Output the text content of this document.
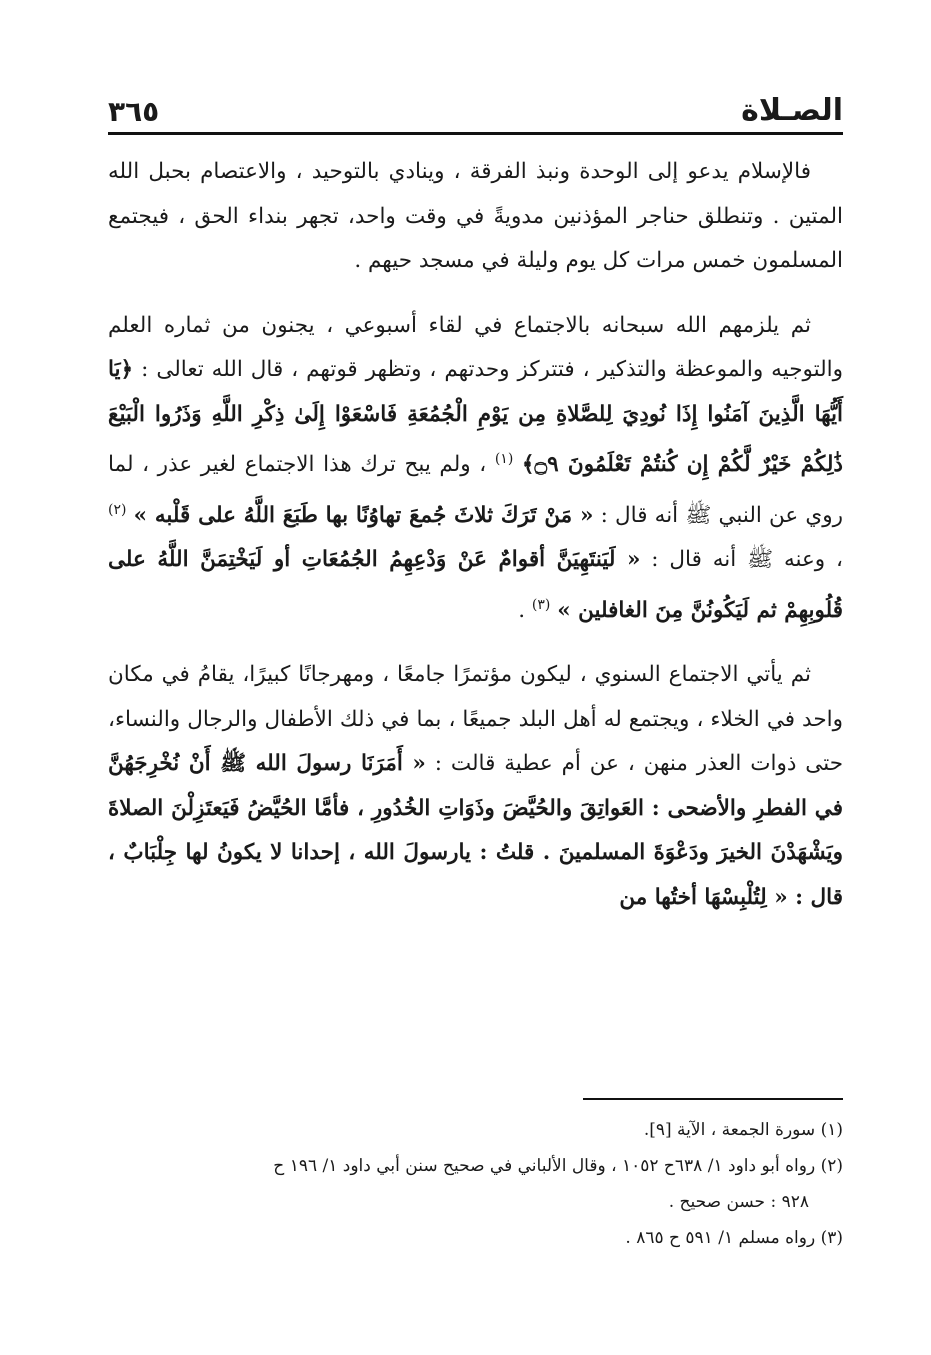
٣٦٥	الصـلاة

فالإسلام يدعو إلى الوحدة ونبذ الفرقة ، وينادي بالتوحيد ، والاعتصام بحبل الله المتين . وتنطلق حناجر المؤذنين مدويةً في وقت واحد، تجهر بنداء الحق ، فيجتمع المسلمون خمس مرات كل يوم وليلة في مسجد حيهم .

ثم يلزمهم الله سبحانه بالاجتماع في لقاء أسبوعي ، يجنون من ثماره العلم والتوجيه والموعظة والتذكير ، فتتركز وحدتهم ، وتظهر قوتهم ، قال الله تعالى : ﴿يَا أَيُّهَا الَّذِينَ آمَنُوا إِذَا نُودِيَ لِلصَّلاةِ مِن يَوْمِ الْجُمُعَةِ فَاسْعَوْا إِلَىٰ ذِكْرِ اللَّهِ وَذَرُوا الْبَيْعَ ذَٰلِكُمْ خَيْرٌ لَّكُمْ إِن كُنتُمْ تَعْلَمُونَ ۝٩﴾ $^{(١)}$ ، ولم يبح ترك هذا الاجتماع لغير عذر ، لما روي عن النبي ﷺ أنه قال : « مَنْ تَرَكَ ثلاثَ جُمعَ تهاوُنًا بها طَبَعَ اللَّهُ على قَلْبه » $^{(٢)}$ ، وعنه ﷺ أنه قال : « لَيَنتَهِيَنَّ أقوامٌ عَنْ وَدْعِهِمُ الجُمُعَاتِ أو لَيَخْتِمَنَّ اللَّهُ على قُلُوبِهِمْ ثم لَيَكُونُنَّ مِنَ الغافلين » $^{(٣)}$ .

ثم يأتي الاجتماع السنوي ، ليكون مؤتمرًا جامعًا ، ومهرجانًا كبيرًا، يقامُ في مكان واحد في الخلاء ، ويجتمع له أهل البلد جميعًا ، بما في ذلك الأطفال والرجال والنساء، حتى ذوات العذر منهن ، عن أم عطية قالت : « أَمَرَنَا رسولَ الله ﷺ أَنْ نُخْرِجَهُنَّ في الفطرِ والأضحى : العَواتِقَ والحُيَّضَ وذَوَاتِ الخُدُورِ ، فأمَّا الحُيَّضُ فَيَعتَزِلْنَ الصلاةَ ويَشْهَدْنَ الخيرَ ودَعْوَةَ المسلمينَ . قلتُ : يارسولَ الله ، إحدانا لا يكونُ لها جِلْبَابٌ ، قال : « لِتُلْبِسْهَا أختُها من

(١) سورة الجمعة ، الآية [٩].
(٢) رواه أبو داود ١/ ٦٣٨ح ١٠٥٢ ، وقال الألباني في صحيح سنن أبي داود ١/ ١٩٦ ح
٩٢٨ : حسن صحيح .
(٣) رواه مسلم ١/ ٥٩١ ح ٨٦٥ .
